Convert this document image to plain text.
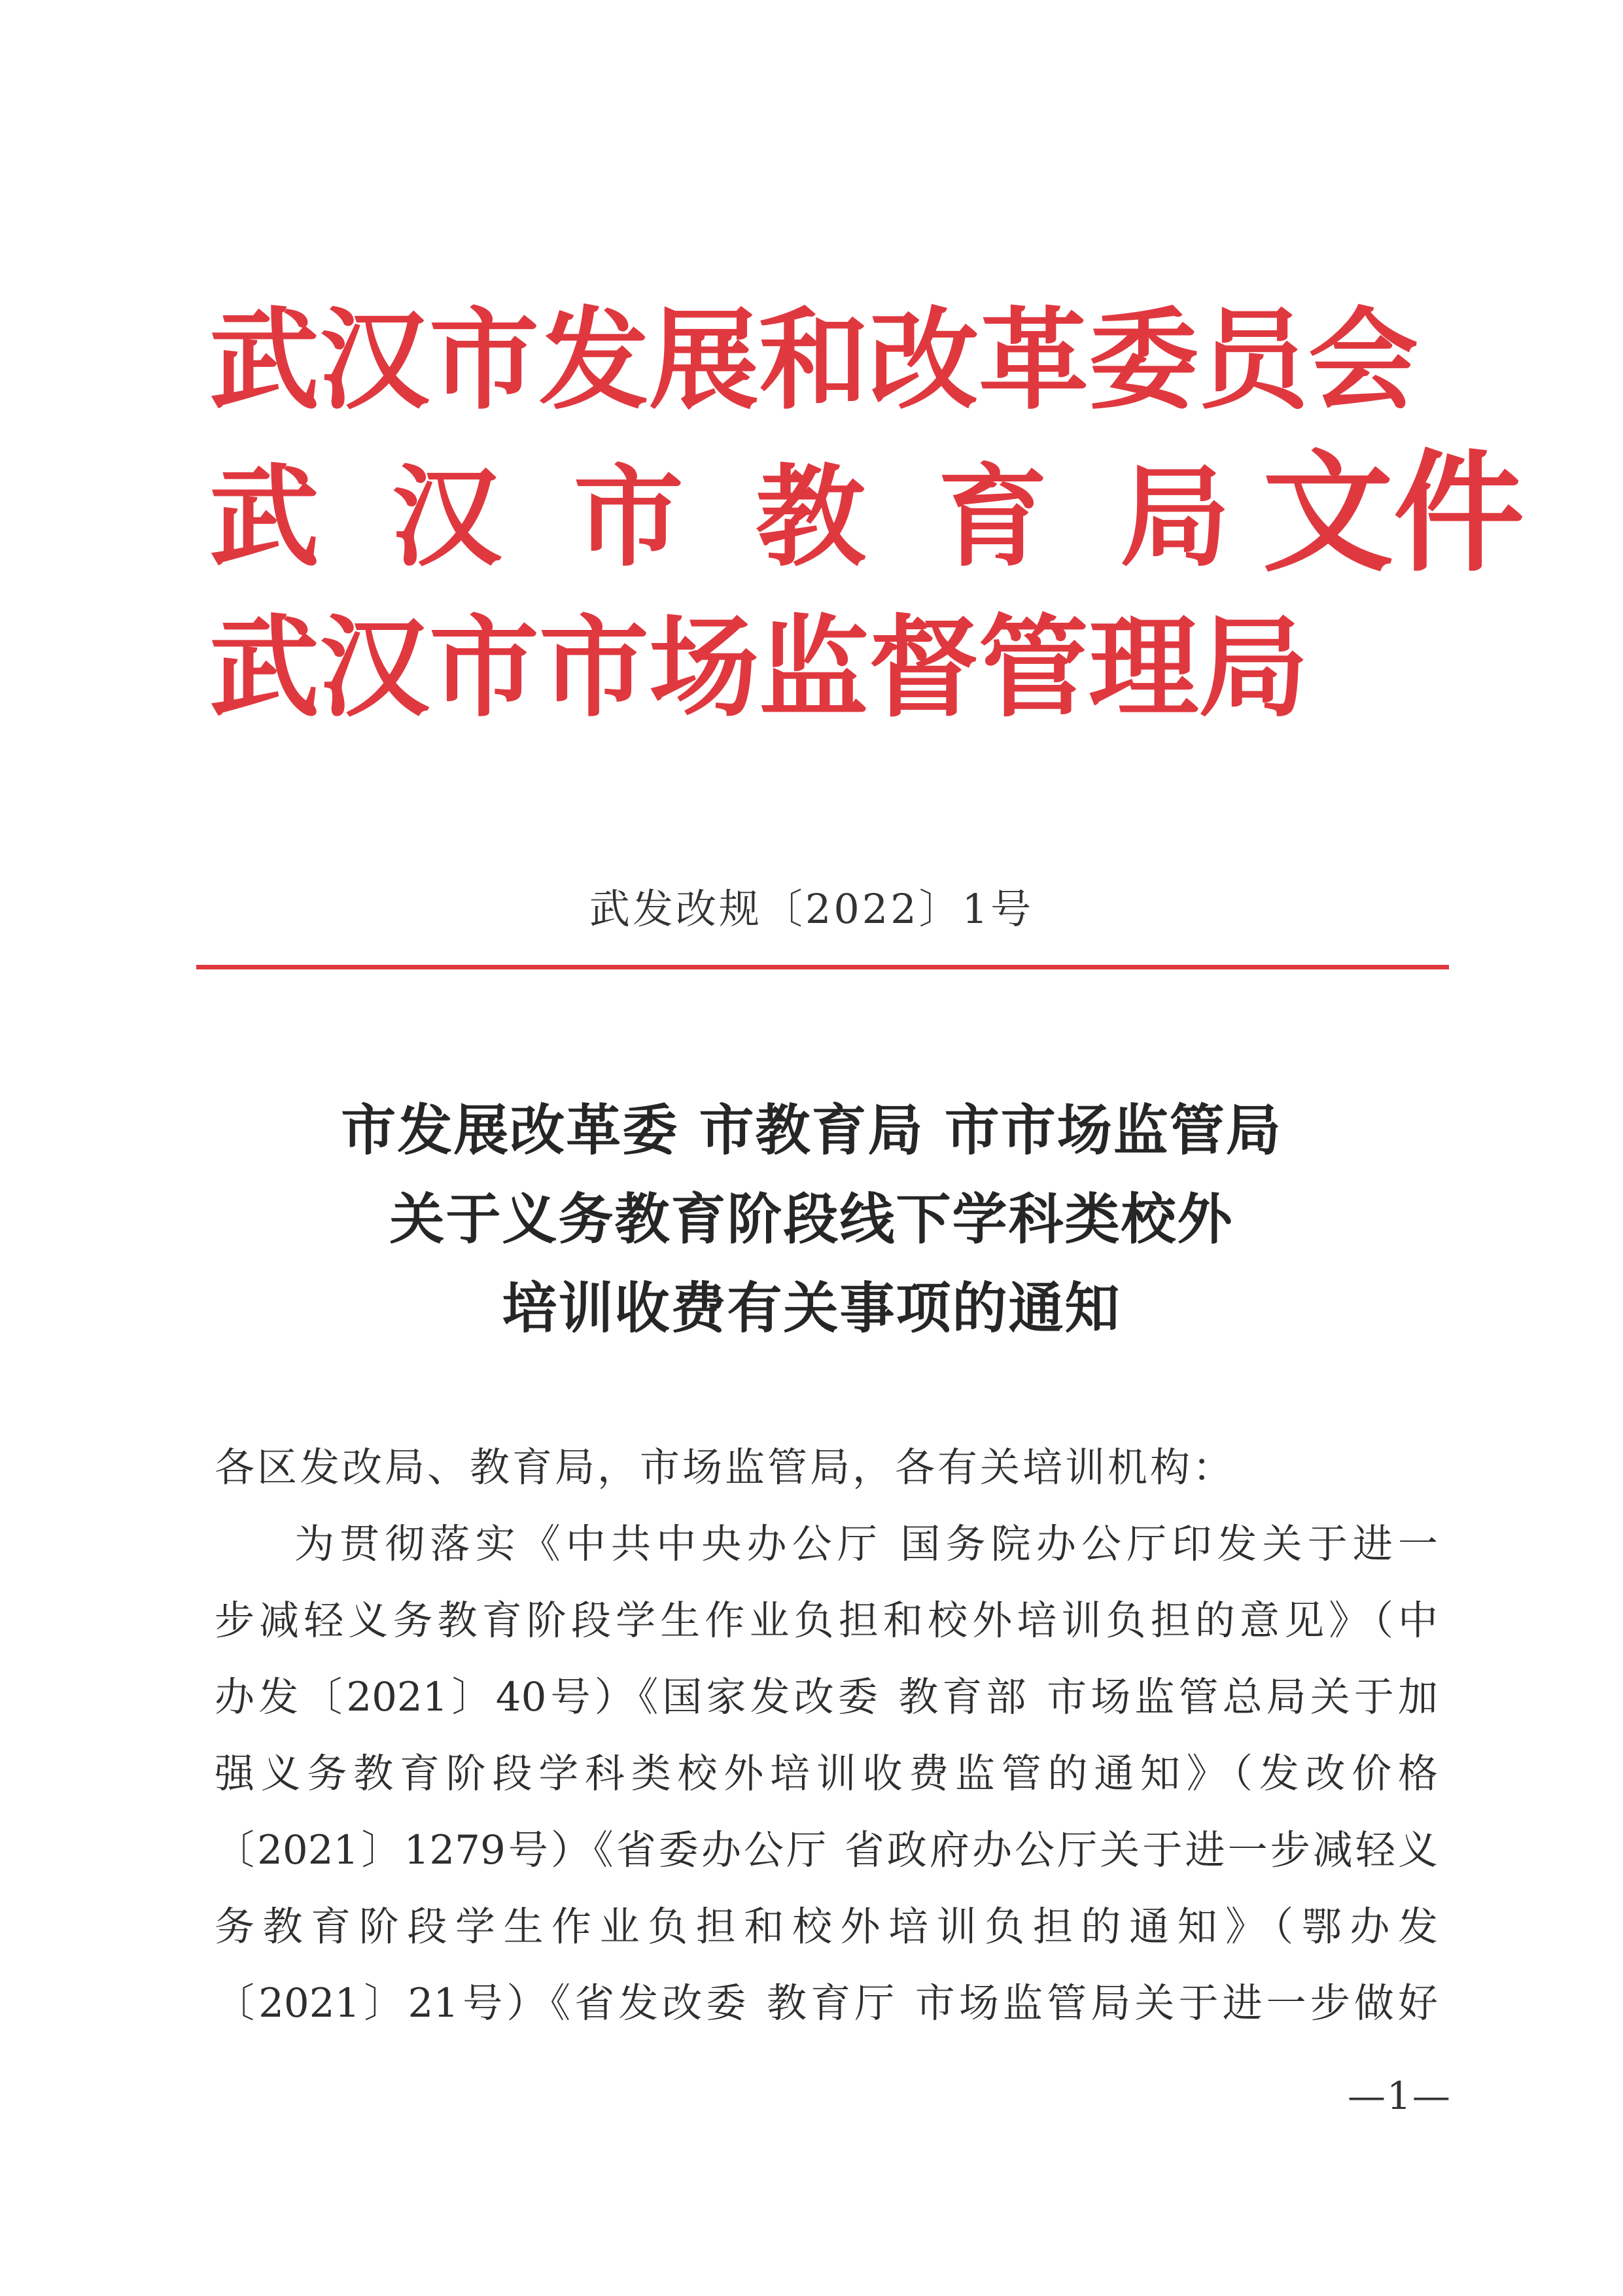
武 汉 市 发 展 和 改 革 委 员 会
武 汉 市 教 育 局
武 汉 市 市 场 监 督 管 理 局
文 件
武发改规〔2022〕1号
市发展改革委 市教育局 市市场监管局
关于义务教育阶段线下学科类校外
培训收费有关事项的通知
各区发改局、教育局，市场监管局，各有关培训机构：
为贯彻落实《中共中央办公厅 国务院办公厅印发关于进一
步减轻义务教育阶段学生作业负担和校外培训负担的意见》（中
办发〔2021〕40号）《国家发改委 教育部 市场监管总局关于加
强义务教育阶段学科类校外培训收费监管的通知》（发改价格
〔2021〕1279号）《省委办公厅 省政府办公厅关于进一步减轻义
务教育阶段学生作业负担和校外培训负担的通知》（鄂办发
〔2021〕21号）《省发改委 教育厅 市场监管局关于进一步做好
—1—
